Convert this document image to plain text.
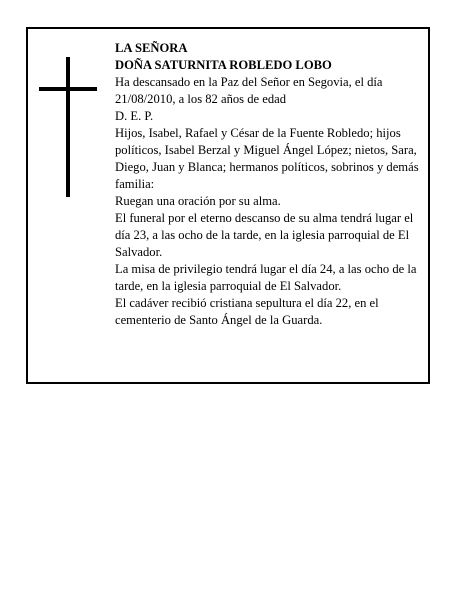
LA SEÑORA

DOÑA SATURNITA ROBLEDO LOBO

Ha descansado en la Paz del Señor en Segovia, el día 21/08/2010, a los 82 años de edad

D. E. P.

Hijos, Isabel, Rafael y César de la Fuente Robledo; hijos políticos, Isabel Berzal y Miguel Ángel López; nietos, Sara, Diego, Juan y Blanca; hermanos políticos, sobrinos y demás familia:

Ruegan una oración por su alma.

El funeral por el eterno descanso de su alma tendrá lugar el día 23, a las ocho de la tarde, en la iglesia parroquial de El Salvador.

La misa de privilegio tendrá lugar el día 24, a las ocho de la tarde, en la iglesia parroquial de El Salvador.

El cadáver recibió cristiana sepultura el día 22, en el cementerio de Santo Ángel de la Guarda.
